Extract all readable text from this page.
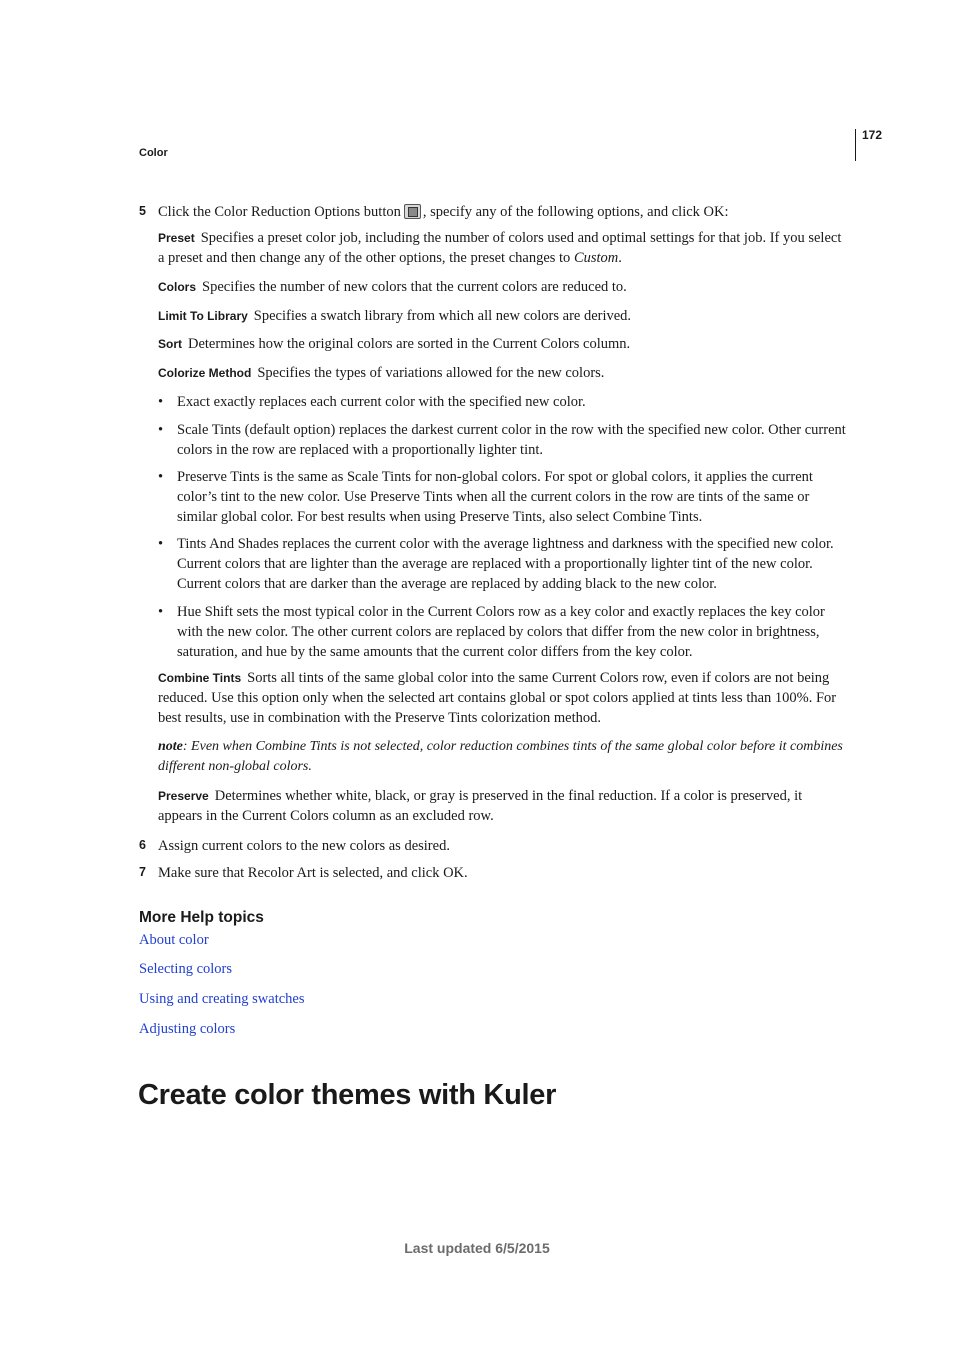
172
Color
5 Click the Color Reduction Options button , specify any of the following options, and click OK:
Preset Specifies a preset color job, including the number of colors used and optimal settings for that job. If you select a preset and then change any of the other options, the preset changes to Custom.
Colors Specifies the number of new colors that the current colors are reduced to.
Limit To Library Specifies a swatch library from which all new colors are derived.
Sort Determines how the original colors are sorted in the Current Colors column.
Colorize Method Specifies the types of variations allowed for the new colors.
• Exact exactly replaces each current color with the specified new color.
• Scale Tints (default option) replaces the darkest current color in the row with the specified new color. Other current colors in the row are replaced with a proportionally lighter tint.
• Preserve Tints is the same as Scale Tints for non-global colors. For spot or global colors, it applies the current color’s tint to the new color. Use Preserve Tints when all the current colors in the row are tints of the same or similar global color. For best results when using Preserve Tints, also select Combine Tints.
• Tints And Shades replaces the current color with the average lightness and darkness with the specified new color. Current colors that are lighter than the average are replaced with a proportionally lighter tint of the new color. Current colors that are darker than the average are replaced by adding black to the new color.
• Hue Shift sets the most typical color in the Current Colors row as a key color and exactly replaces the key color with the new color. The other current colors are replaced by colors that differ from the new color in brightness, saturation, and hue by the same amounts that the current color differs from the key color.
Combine Tints Sorts all tints of the same global color into the same Current Colors row, even if colors are not being reduced. Use this option only when the selected art contains global or spot colors applied at tints less than 100%. For best results, use in combination with the Preserve Tints colorization method.
note: Even when Combine Tints is not selected, color reduction combines tints of the same global color before it combines different non-global colors.
Preserve Determines whether white, black, or gray is preserved in the final reduction. If a color is preserved, it appears in the Current Colors column as an excluded row.
6 Assign current colors to the new colors as desired.
7 Make sure that Recolor Art is selected, and click OK.
More Help topics
About color
Selecting colors
Using and creating swatches
Adjusting colors
Create color themes with Kuler
Last updated 6/5/2015
